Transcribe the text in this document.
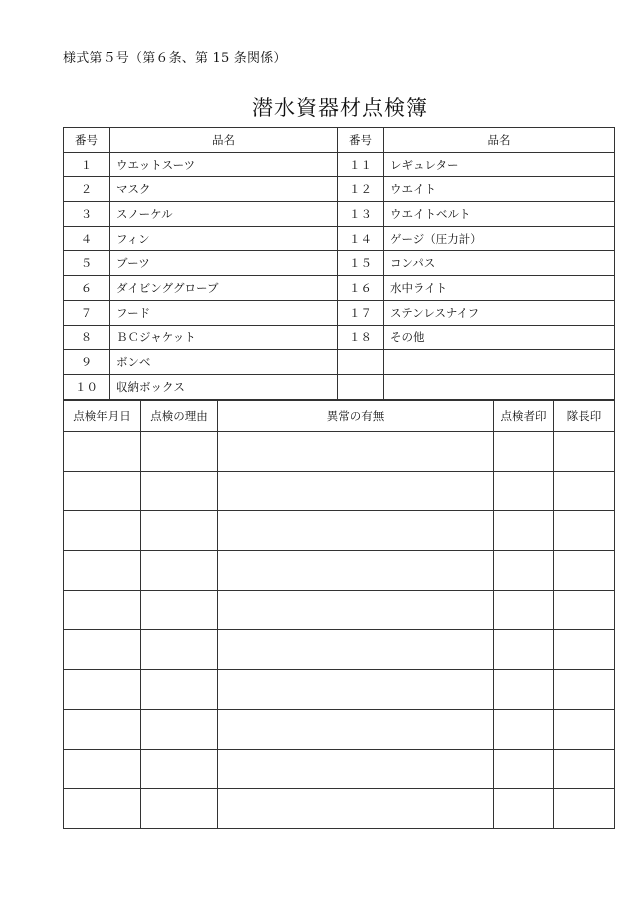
様式第５号（第６条、第 15 条関係）
潜水資器材点検簿
番号	品名	番号	品名
１	ウエットスーツ	１１	レギュレター
２	マスク	１２	ウエイト
３	スノーケル	１３	ウエイトベルト
４	フィン	１４	ゲージ（圧力計）
５	ブーツ	１５	コンパス
６	ダイビンググローブ	１６	水中ライト
７	フード	１７	ステンレスナイフ
８	ＢＣジャケット	１８	その他
９	ボンベ		
１０	収納ボックス		
点検年月日	点検の理由	異常の有無	点検者印	隊長印
